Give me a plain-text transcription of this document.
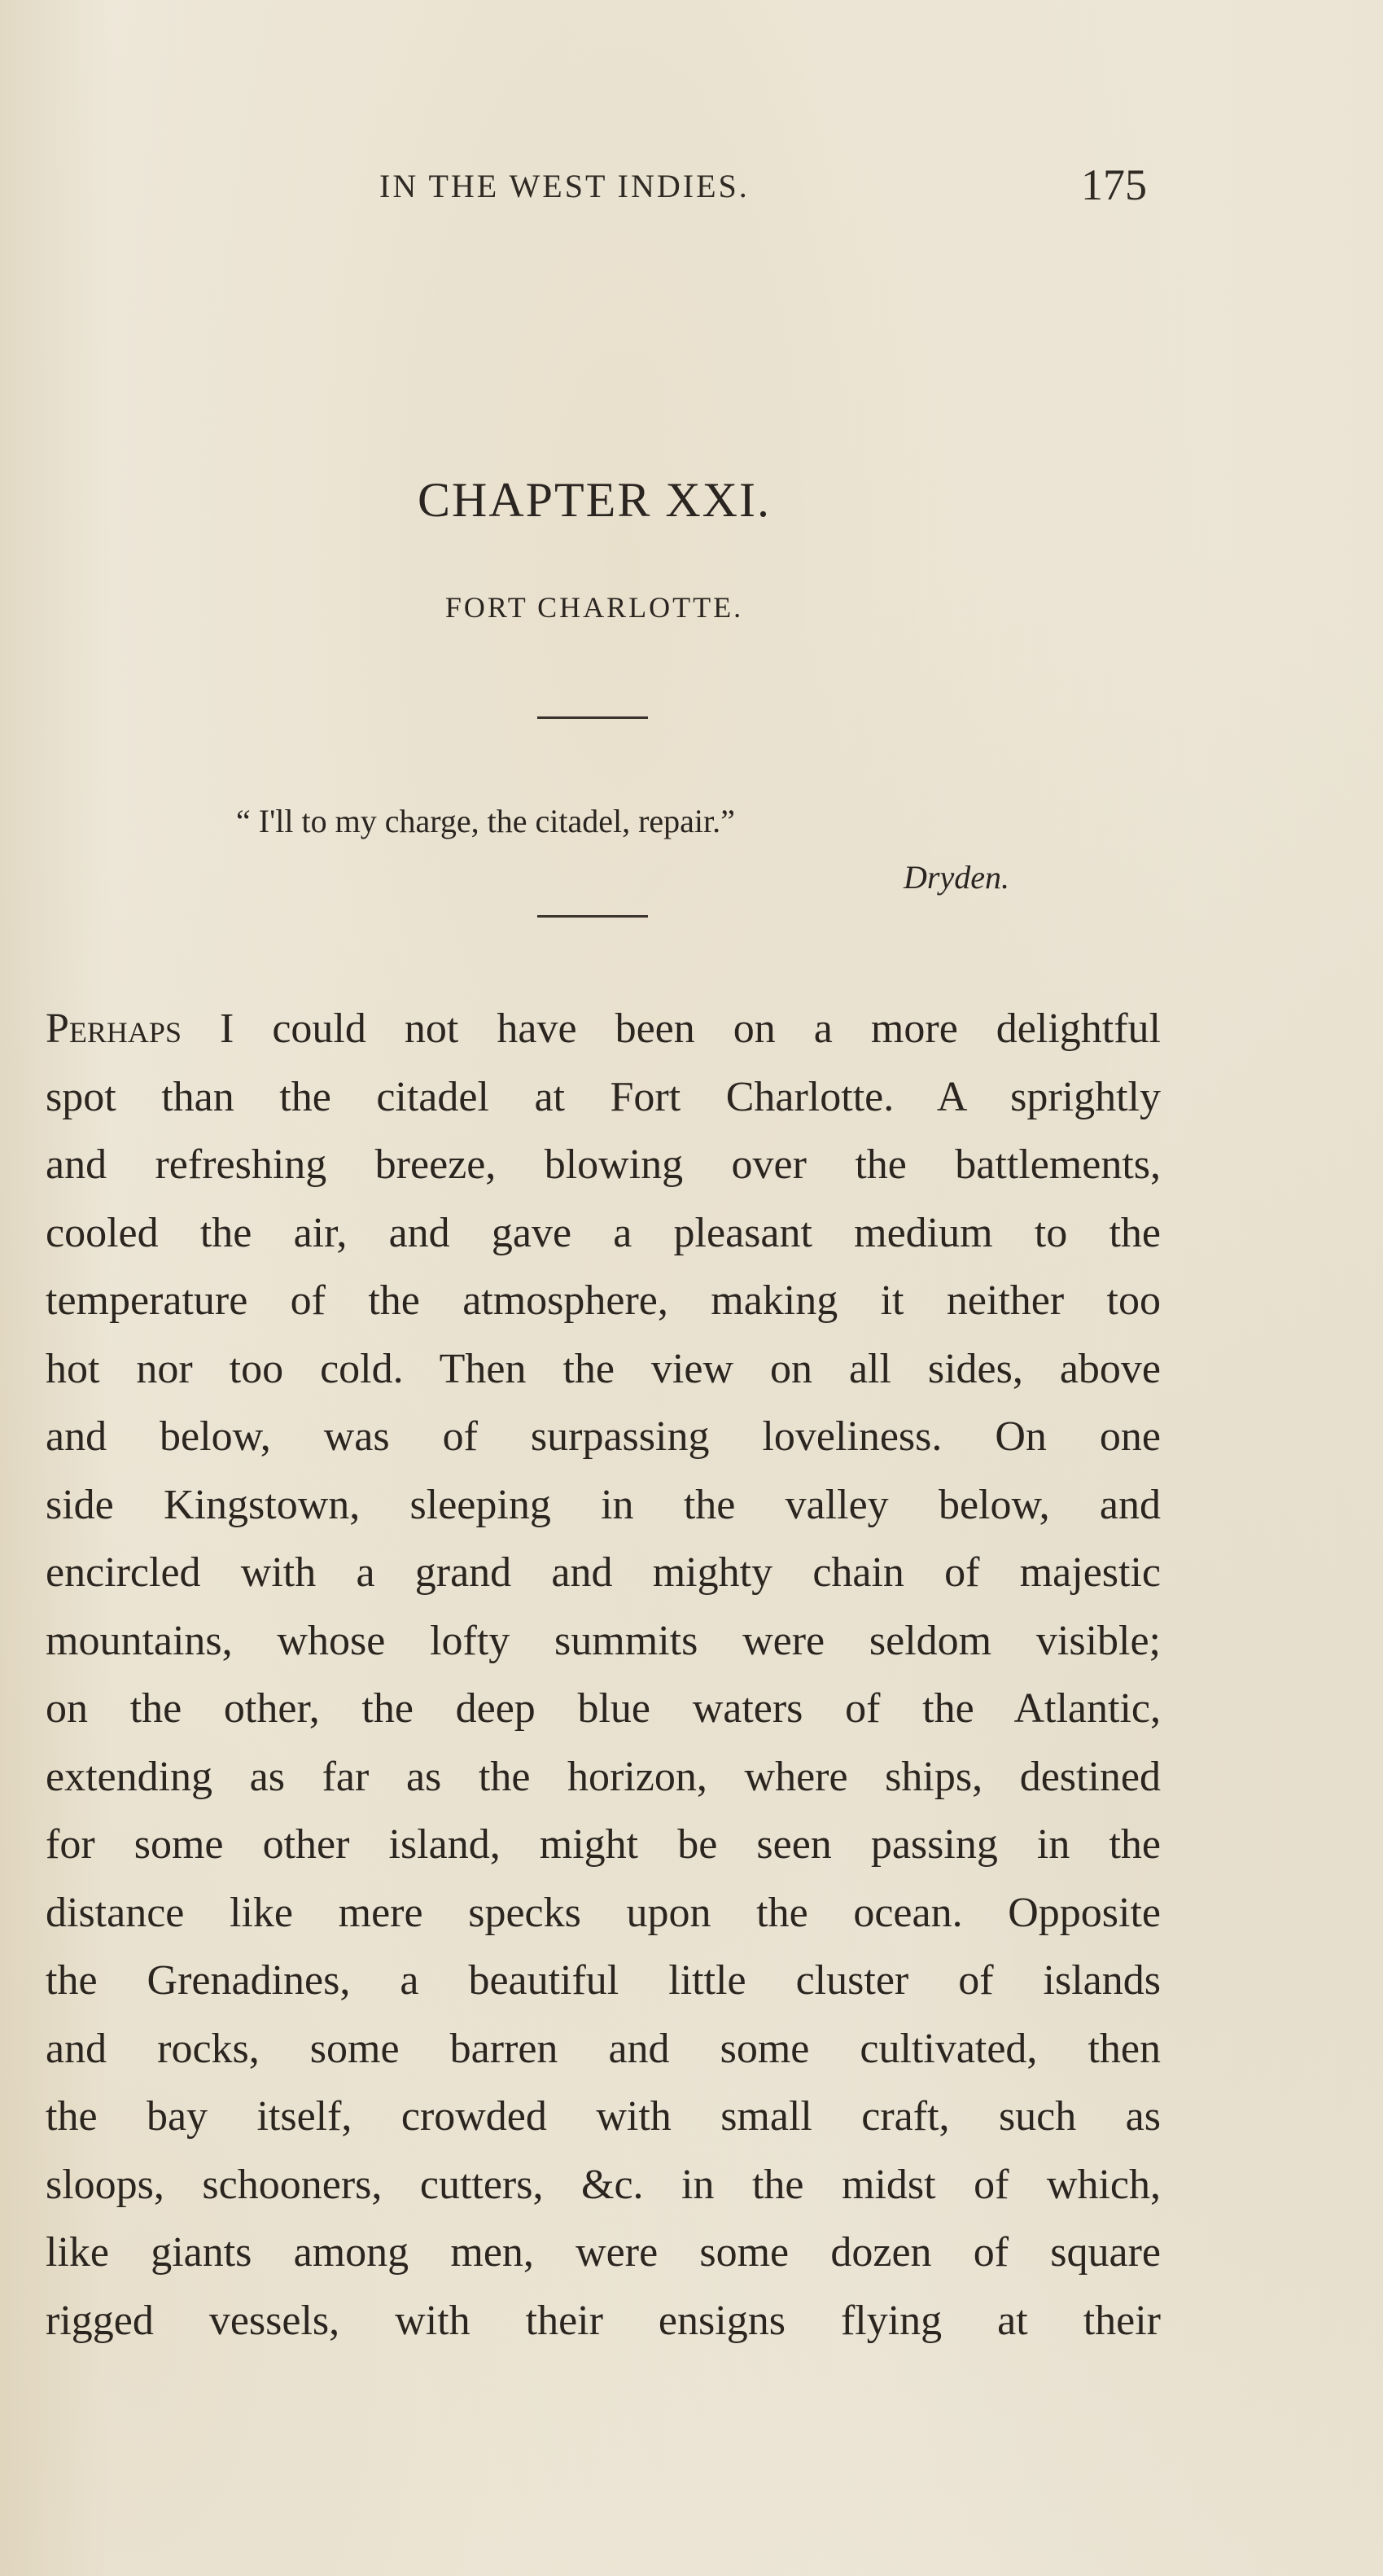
IN THE WEST INDIES.	175
CHAPTER XXI.
FORT CHARLOTTE.
“ I'll to my charge, the citadel, repair.”
Dryden.
Perhaps I could not have been on a more delightful
spot than the citadel at Fort Charlotte. A sprightly
and refreshing breeze, blowing over the battlements,
cooled the air, and gave a pleasant medium to the
temperature of the atmosphere, making it neither too
hot nor too cold. Then the view on all sides, above
and below, was of surpassing loveliness. On one
side Kingstown, sleeping in the valley below, and
encircled with a grand and mighty chain of majestic
mountains, whose lofty summits were seldom visible;
on the other, the deep blue waters of the Atlantic,
extending as far as the horizon, where ships, destined
for some other island, might be seen passing in the
distance like mere specks upon the ocean. Opposite
the Grenadines, a beautiful little cluster of islands
and rocks, some barren and some cultivated, then
the bay itself, crowded with small craft, such as
sloops, schooners, cutters, &c. in the midst of which,
like giants among men, were some dozen of square
rigged vessels, with their ensigns flying at their
